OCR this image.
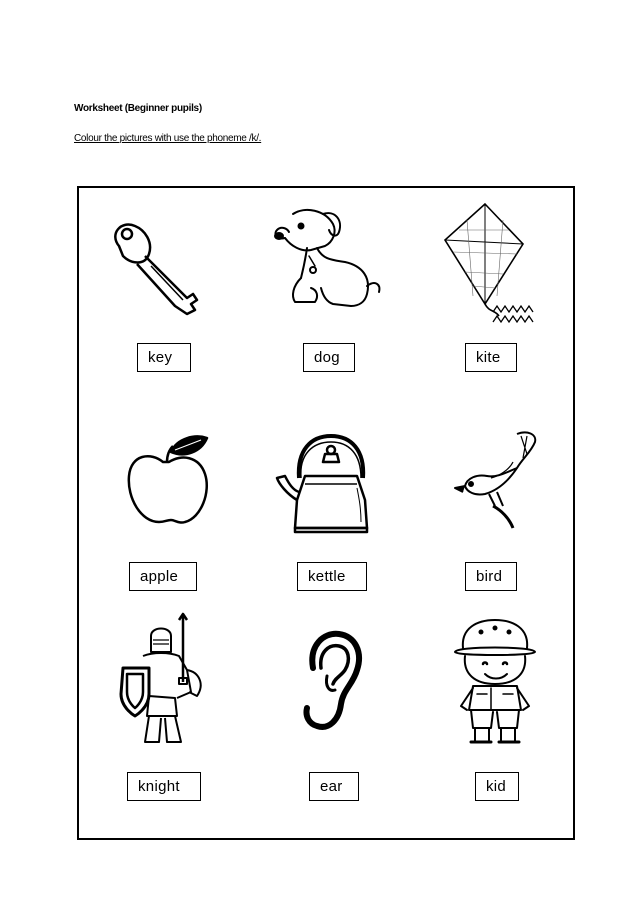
Worksheet (Beginner pupils)
Colour the pictures with use the phoneme /k/.
key	dog	kite
apple	kettle	bird
knight	ear	kid
